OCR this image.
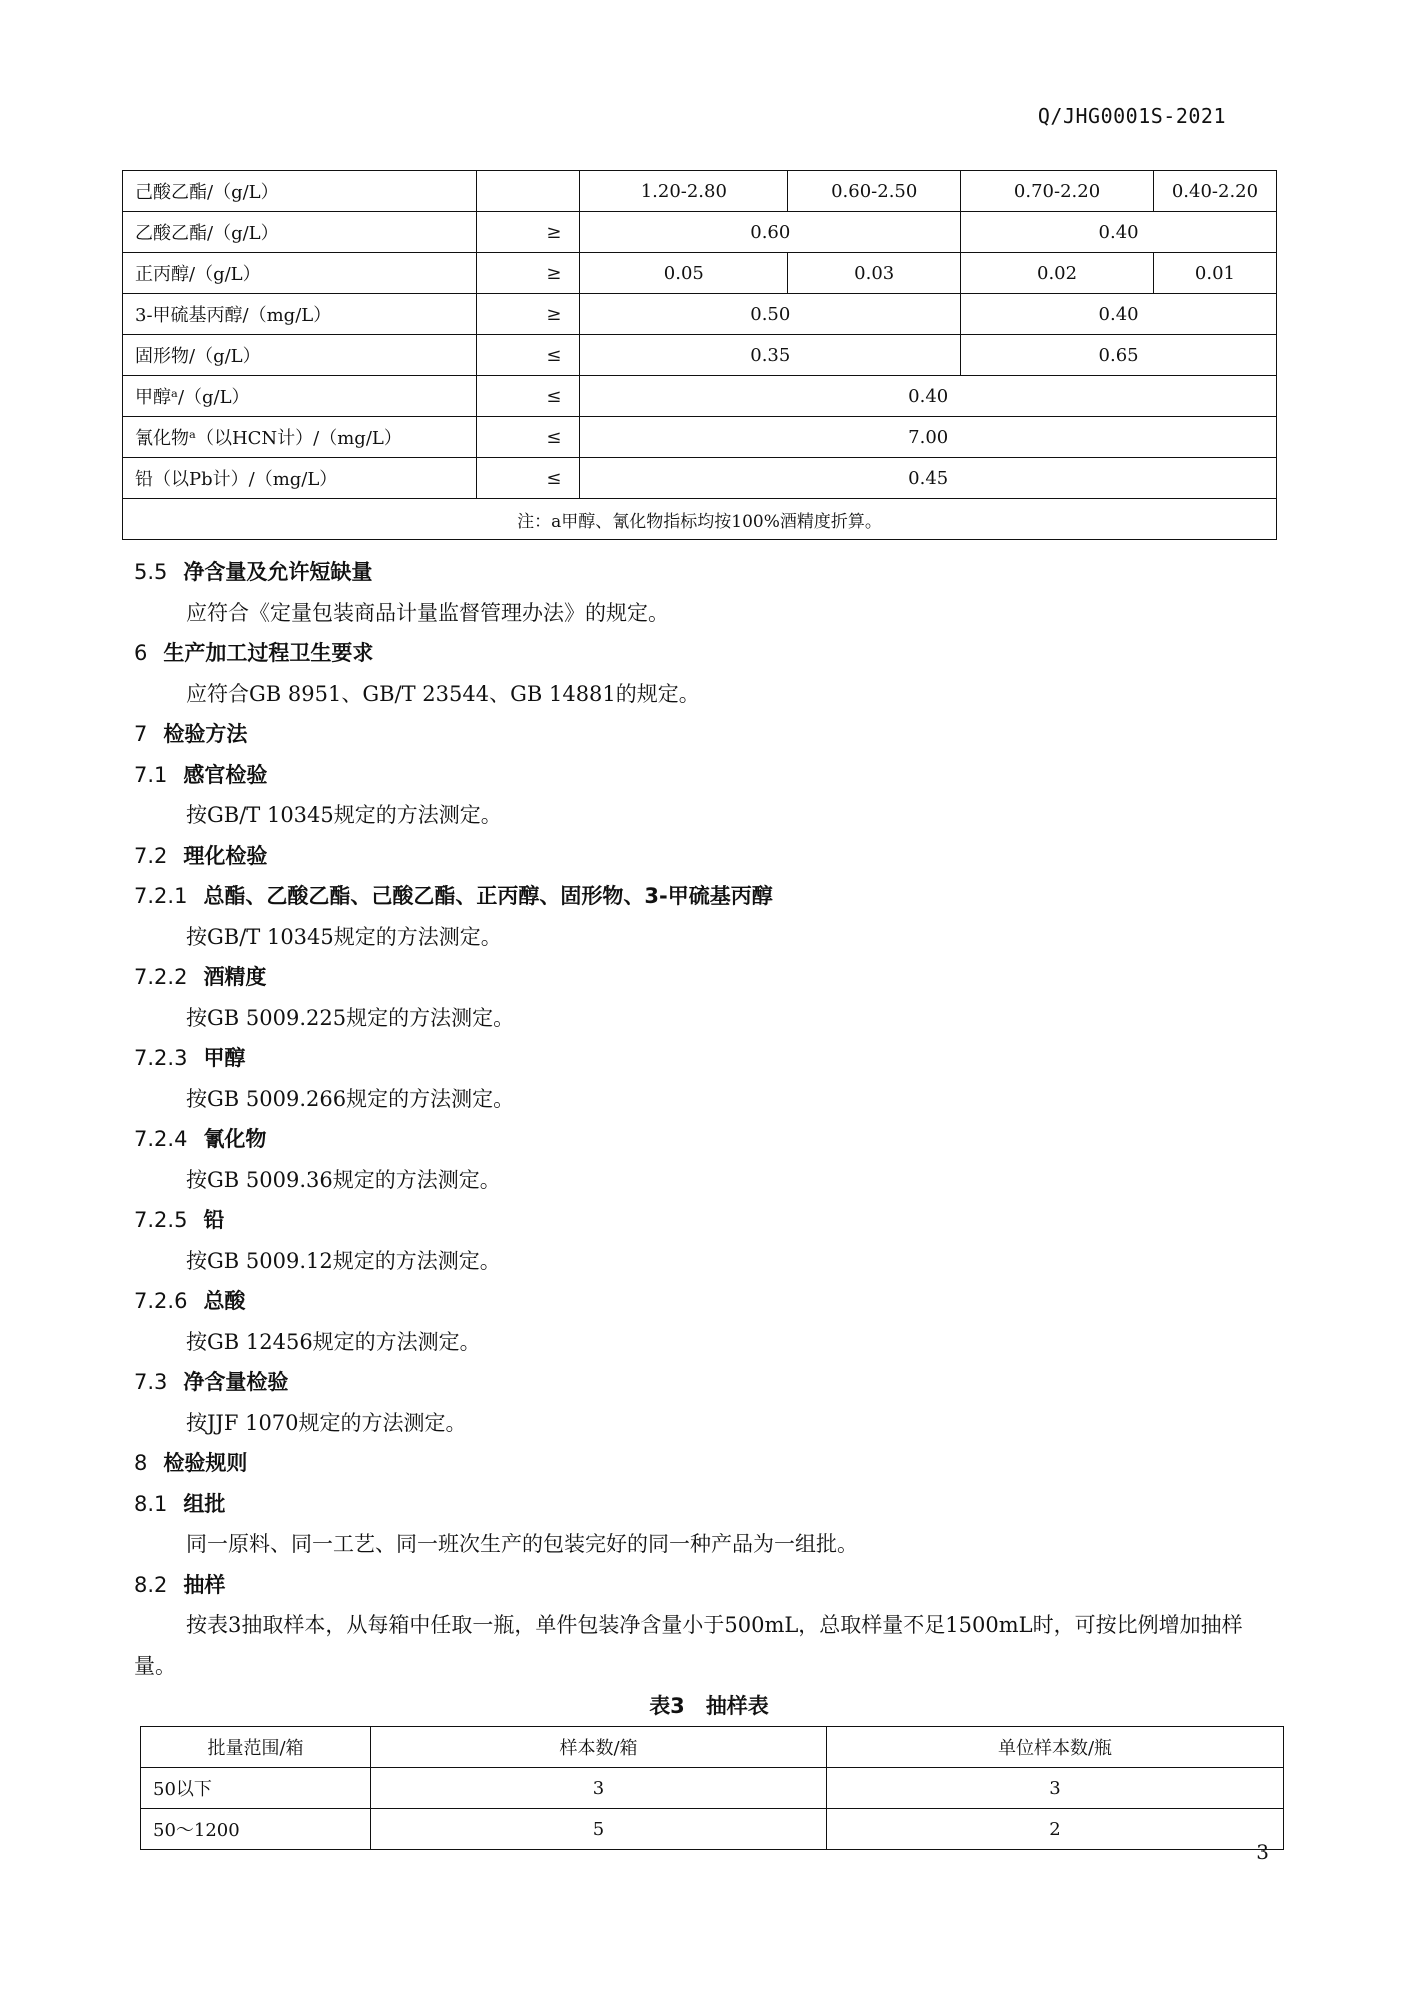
Q/JHG0001S-2021
己酸乙酯/（g/L）		1.20-2.80	0.60-2.50	0.70-2.20	0.40-2.20
乙酸乙酯/（g/L）	≥	0.60		0.40	
正丙醇/（g/L）	≥	0.05	0.03	0.02	0.01
3-甲硫基丙醇/（mg/L）	≥	0.50		0.40	
固形物/（g/L）	≤	0.35		0.65	
甲醇ᵃ/（g/L）	≤	0.40			
氰化物ᵃ（以HCN计）/（mg/L）	≤	7.00			
铅（以Pb计）/（mg/L）	≤	0.45			
注：a甲醇、氰化物指标均按100%酒精度折算。					
5.5 净含量及允许短缺量
应符合《定量包装商品计量监督管理办法》的规定。
6 生产加工过程卫生要求
应符合GB 8951、GB/T 23544、GB 14881的规定。
7 检验方法
7.1 感官检验
按GB/T 10345规定的方法测定。
7.2 理化检验
7.2.1 总酯、乙酸乙酯、己酸乙酯、正丙醇、固形物、3-甲硫基丙醇
按GB/T 10345规定的方法测定。
7.2.2 酒精度
按GB 5009.225规定的方法测定。
7.2.3 甲醇
按GB 5009.266规定的方法测定。
7.2.4 氰化物
按GB 5009.36规定的方法测定。
7.2.5 铅
按GB 5009.12规定的方法测定。
7.2.6 总酸
按GB 12456规定的方法测定。
7.3 净含量检验
按JJF 1070规定的方法测定。
8 检验规则
8.1 组批
同一原料、同一工艺、同一班次生产的包装完好的同一种产品为一组批。
8.2 抽样
按表3抽取样本，从每箱中任取一瓶，单件包装净含量小于500mL，总取样量不足1500mL时，可按比例增加抽样量。
表3　抽样表
批量范围/箱	样本数/箱	单位样本数/瓶
50以下	3	3
50～1200	5	2
3
